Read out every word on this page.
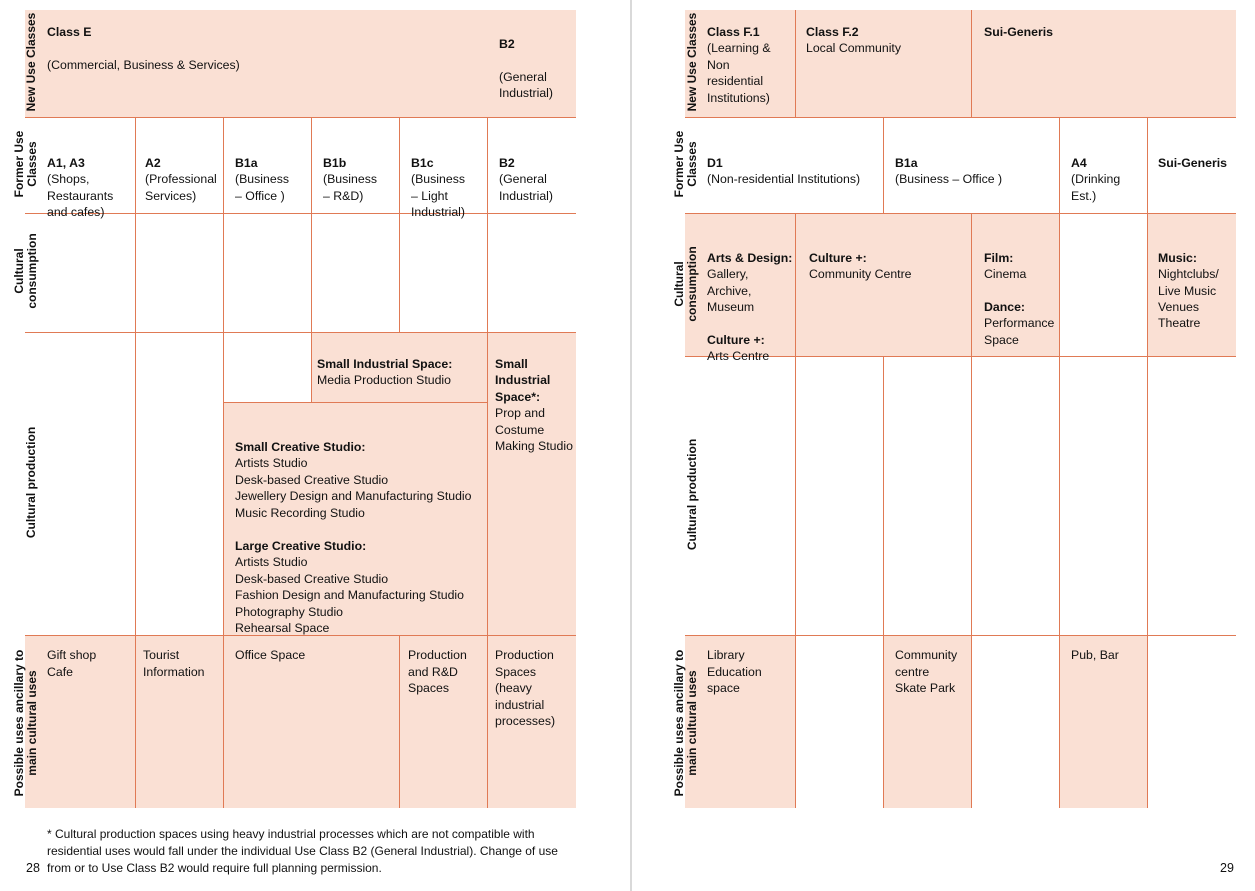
New Use Classes
Former Use
Classes
Cultural
consumption
Cultural production
Possible uses ancillary to
main cultural uses

Class E

(Commercial, Business & Services)

B2

(General
Industrial)

A1, A3
(Shops,
Restaurants
and cafes)

A2
(Professional
Services)

B1a
(Business
– Office )

B1b
(Business
– R&D)

B1c
(Business
– Light
Industrial)

B2
(General
Industrial)

Small Industrial Space:
Media Production Studio

Small
Industrial
Space*:
Prop and
Costume
Making Studio

Small Creative Studio:
Artists Studio
Desk-based Creative Studio
Jewellery Design and Manufacturing Studio
Music Recording Studio

Large Creative Studio:
Artists Studio
Desk-based Creative Studio
Fashion Design and Manufacturing Studio
Photography Studio
Rehearsal Space

Gift shop
Cafe
Tourist
Information
Office Space	Production
and R&D
Spaces
Production
Spaces
(heavy
industrial
processes)
* Cultural production spaces using heavy industrial processes which are not compatible with
residential uses would fall under the individual Use Class B2 (General Industrial). Change of use
from or to Use Class B2 would require full planning permission.
28
New Use Classes
Former Use
Classes
Cultural
consumption
Cultural production
Possible uses ancillary to
main cultural uses

Class F.1
(Learning &
Non
residential
Institutions)

Class F.2
Local Community

Sui-Generis

D1
(Non-residential Institutions)

B1a
(Business – Office )

A4
(Drinking
Est.)

Sui-Generis

Arts & Design:
Gallery,
Archive,
Museum

Culture +:
Arts Centre

Culture +:
Community Centre

Film:
Cinema

Dance:
Performance
Space

Music:
Nightclubs/
Live Music
Venues

Theatre
Library
Education
space
Community
centre
Skate Park
Pub, Bar
29
